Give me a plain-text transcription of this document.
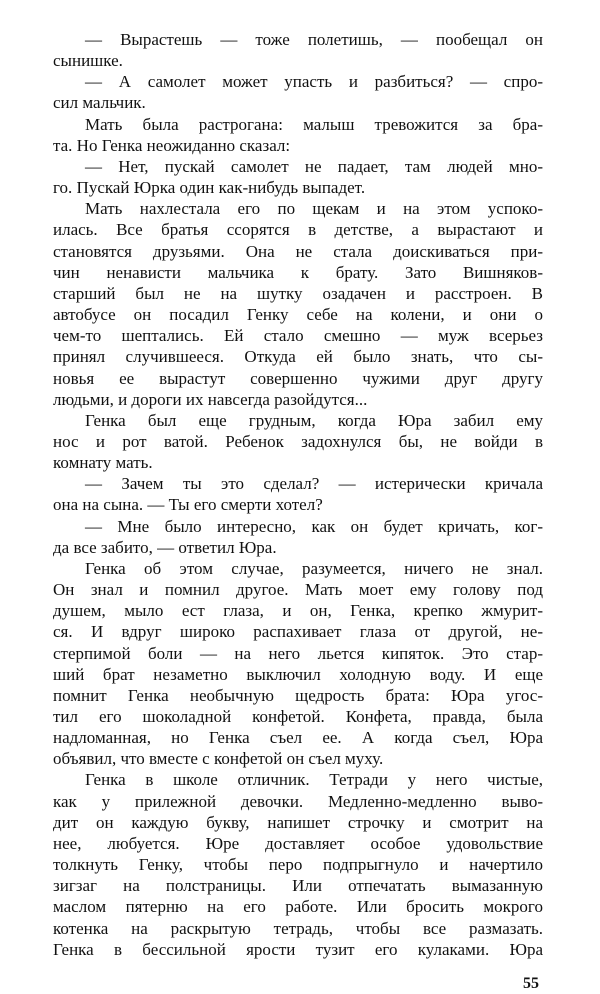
— Вырастешь — тоже полетишь, — пообещал он
сынишке.
— А самолет может упасть и разбиться? — спро-
сил мальчик.
Мать была растрогана: малыш тревожится за бра-
та. Но Генка неожиданно сказал:
— Нет, пускай самолет не падает, там людей мно-
го. Пускай Юрка один как-нибудь выпадет.
Мать нахлестала его по щекам и на этом успоко-
илась. Все братья ссорятся в детстве, а вырастают и
становятся друзьями. Она не стала доискиваться при-
чин ненависти мальчика к брату. Зато Вишняков-
старший был не на шутку озадачен и расстроен. В
автобусе он посадил Генку себе на колени, и они о
чем-то шептались. Ей стало смешно — муж всерьез
принял случившееся. Откуда ей было знать, что сы-
новья ее вырастут совершенно чужими друг другу
людьми, и дороги их навсегда разойдутся...
Генка был еще грудным, когда Юра забил ему
нос и рот ватой. Ребенок задохнулся бы, не войди в
комнату мать.
— Зачем ты это сделал? — истерически кричала
она на сына. — Ты его смерти хотел?
— Мне было интересно, как он будет кричать, ког-
да все забито, — ответил Юра.
Генка об этом случае, разумеется, ничего не знал.
Он знал и помнил другое. Мать моет ему голову под
душем, мыло ест глаза, и он, Генка, крепко жмурит-
ся. И вдруг широко распахивает глаза от другой, не-
стерпимой боли — на него льется кипяток. Это стар-
ший брат незаметно выключил холодную воду. И еще
помнит Генка необычную щедрость брата: Юра угос-
тил его шоколадной конфетой. Конфета, правда, была
надломанная, но Генка съел ее. А когда съел, Юра
объявил, что вместе с конфетой он съел муху.
Генка в школе отличник. Тетради у него чистые,
как у прилежной девочки. Медленно-медленно выво-
дит он каждую букву, напишет строчку и смотрит на
нее, любуется. Юре доставляет особое удовольствие
толкнуть Генку, чтобы перо подпрыгнуло и начертило
зигзаг на полстраницы. Или отпечатать вымазанную
маслом пятерню на его работе. Или бросить мокрого
котенка на раскрытую тетрадь, чтобы все размазать.
Генка в бессильной ярости тузит его кулаками. Юра
55
